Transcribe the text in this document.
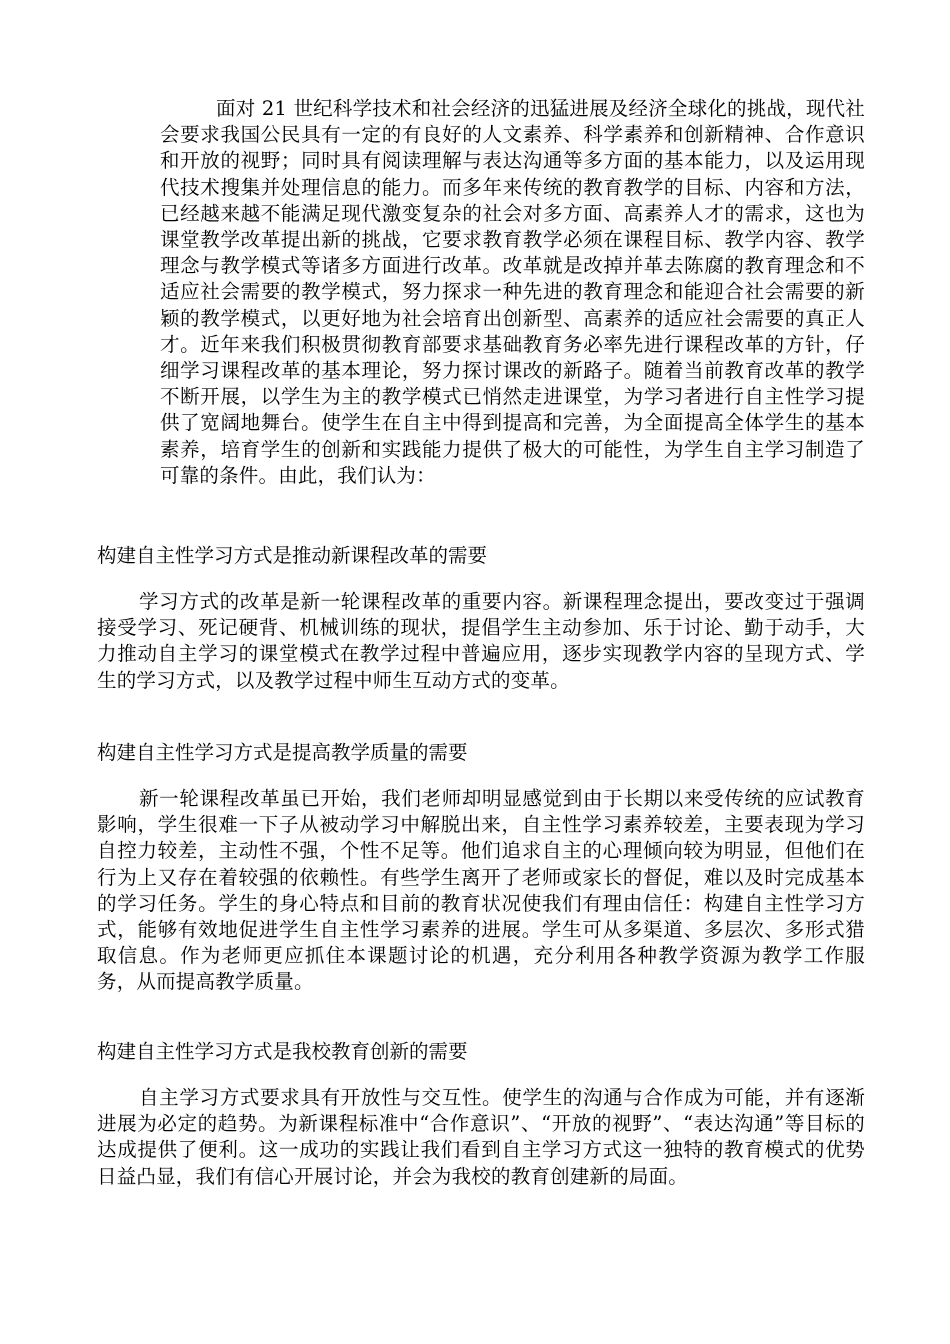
面对 21 世纪科学技术和社会经济的迅猛进展及经济全球化的挑战，现代社会要求我国公民具有一定的有良好的人文素养、科学素养和创新精神、合作意识和开放的视野；同时具有阅读理解与表达沟通等多方面的基本能力，以及运用现代技术搜集并处理信息的能力。而多年来传统的教育教学的目标、内容和方法，已经越来越不能满足现代激变复杂的社会对多方面、高素养人才的需求，这也为课堂教学改革提出新的挑战，它要求教育教学必须在课程目标、教学内容、教学理念与教学模式等诸多方面进行改革。改革就是改掉并革去陈腐的教育理念和不适应社会需要的教学模式，努力探求一种先进的教育理念和能迎合社会需要的新颖的教学模式，以更好地为社会培育出创新型、高素养的适应社会需要的真正人才。近年来我们积极贯彻教育部要求基础教育务必率先进行课程改革的方针，仔细学习课程改革的基本理论，努力探讨课改的新路子。随着当前教育改革的教学不断开展，以学生为主的教学模式已悄然走进课堂，为学习者进行自主性学习提供了宽阔地舞台。使学生在自主中得到提高和完善，为全面提高全体学生的基本素养，培育学生的创新和实践能力提供了极大的可能性，为学生自主学习制造了可靠的条件。由此，我们认为：

构建自主性学习方式是推动新课程改革的需要

学习方式的改革是新一轮课程改革的重要内容。新课程理念提出，要改变过于强调接受学习、死记硬背、机械训练的现状，提倡学生主动参加、乐于讨论、勤于动手，大力推动自主学习的课堂模式在教学过程中普遍应用，逐步实现教学内容的呈现方式、学生的学习方式，以及教学过程中师生互动方式的变革。

构建自主性学习方式是提高教学质量的需要

新一轮课程改革虽已开始，我们老师却明显感觉到由于长期以来受传统的应试教育影响，学生很难一下子从被动学习中解脱出来，自主性学习素养较差，主要表现为学习自控力较差，主动性不强，个性不足等。他们追求自主的心理倾向较为明显，但他们在行为上又存在着较强的依赖性。有些学生离开了老师或家长的督促，难以及时完成基本的学习任务。学生的身心特点和目前的教育状况使我们有理由信任：构建自主性学习方式，能够有效地促进学生自主性学习素养的进展。学生可从多渠道、多层次、多形式猎取信息。作为老师更应抓住本课题讨论的机遇，充分利用各种教学资源为教学工作服务，从而提高教学质量。

构建自主性学习方式是我校教育创新的需要

自主学习方式要求具有开放性与交互性。使学生的沟通与合作成为可能，并有逐渐进展为必定的趋势。为新课程标准中“合作意识”、“开放的视野”、“表达沟通”等目标的达成提供了便利。这一成功的实践让我们看到自主学习方式这一独特的教育模式的优势日益凸显，我们有信心开展讨论，并会为我校的教育创建新的局面。
